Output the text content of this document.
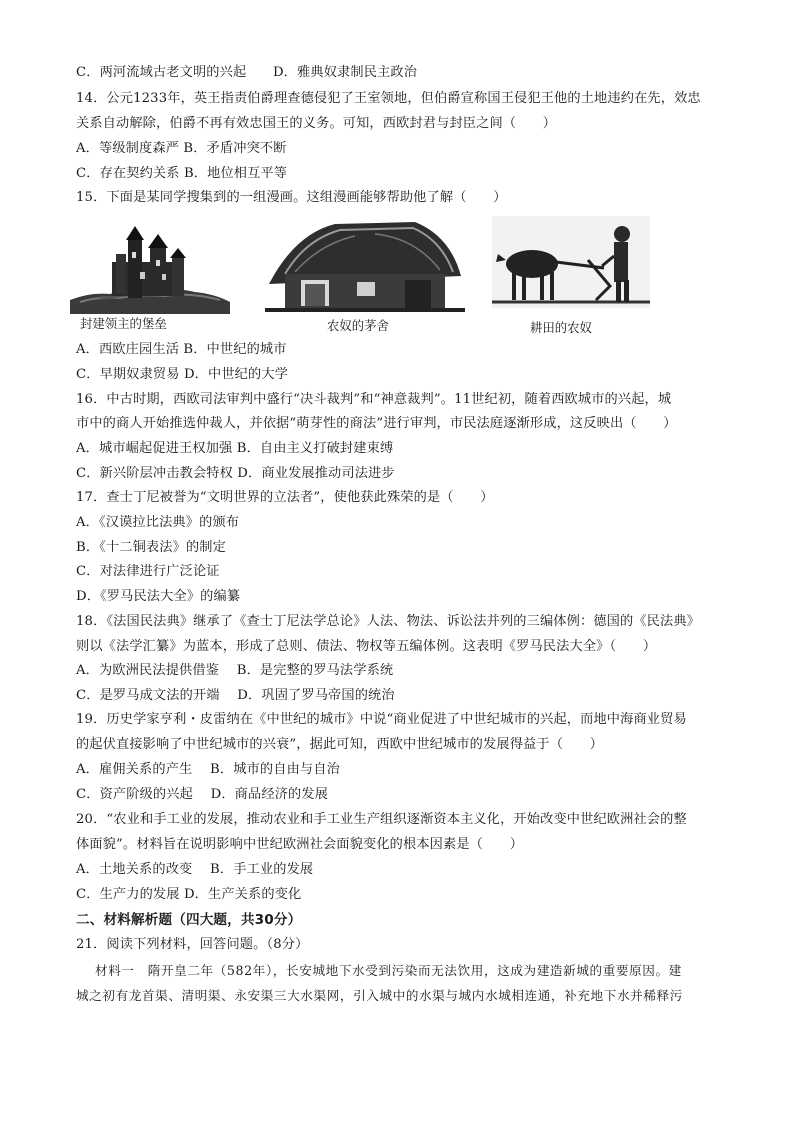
C．两河流域古老文明的兴起　　D．雅典奴隶制民主政治
14．公元1233年，英王指责伯爵理查德侵犯了王室领地，但伯爵宣称国王侵犯王他的土地违约在先，效忠
关系自动解除，伯爵不再有效忠国王的义务。可知，西欧封君与封臣之间（　　）
A．等级制度森严 B．矛盾冲突不断
C．存在契约关系 B．地位相互平等
15．下面是某同学搜集到的一组漫画。这组漫画能够帮助他了解（　　）
封建领主的堡垒	农奴的茅舍	耕田的农奴
A．西欧庄园生活 B．中世纪的城市
C．早期奴隶贸易 D．中世纪的大学
16．中古时期，西欧司法审判中盛行“决斗裁判”和“神意裁判”。11世纪初，随着西欧城市的兴起，城
市中的商人开始推选仲裁人，并依据“萌芽性的商法”进行审判，市民法庭逐渐形成，这反映出（　　）
A．城市崛起促进王权加强 B．自由主义打破封建束缚
C．新兴阶层冲击教会特权 D．商业发展推动司法进步
17．查士丁尼被誉为“文明世界的立法者”，使他获此殊荣的是（　　）
A．《汉谟拉比法典》的颁布
B．《十二铜表法》的制定
C．对法律进行广泛论证
D．《罗马民法大全》的编纂
18．《法国民法典》继承了《查士丁尼法学总论》人法、物法、诉讼法并列的三编体例：德国的《民法典》
则以《法学汇纂》为蓝本，形成了总则、债法、物权等五编体例。这表明《罗马民法大全》（　　）
A．为欧洲民法提供借鉴　 B．是完整的罗马法学系统
C．是罗马成文法的开端　 D．巩固了罗马帝国的统治
19．历史学家亨利・皮雷纳在《中世纪的城市》中说“商业促进了中世纪城市的兴起，而地中海商业贸易
的起伏直接影响了中世纪城市的兴衰”，据此可知，西欧中世纪城市的发展得益于（　　）
A．雇佣关系的产生　 B．城市的自由与自治
C．资产阶级的兴起　 D．商品经济的发展
20．“农业和手工业的发展，推动农业和手工业生产组织逐渐资本主义化，开始改变中世纪欧洲社会的整
体面貌”。材料旨在说明影响中世纪欧洲社会面貌变化的根本因素是（　　）
A．土地关系的改变　 B．手工业的发展
C．生产力的发展 D．生产关系的变化
二、材料解析题（四大题，共30分）
21．阅读下列材料，回答问题。（8分）
材料一　隋开皇二年（582年），长安城地下水受到污染而无法饮用，这成为建造新城的重要原因。建
城之初有龙首渠、清明渠、永安渠三大水渠网，引入城中的水渠与城内水城相连通，补充地下水并稀释污
